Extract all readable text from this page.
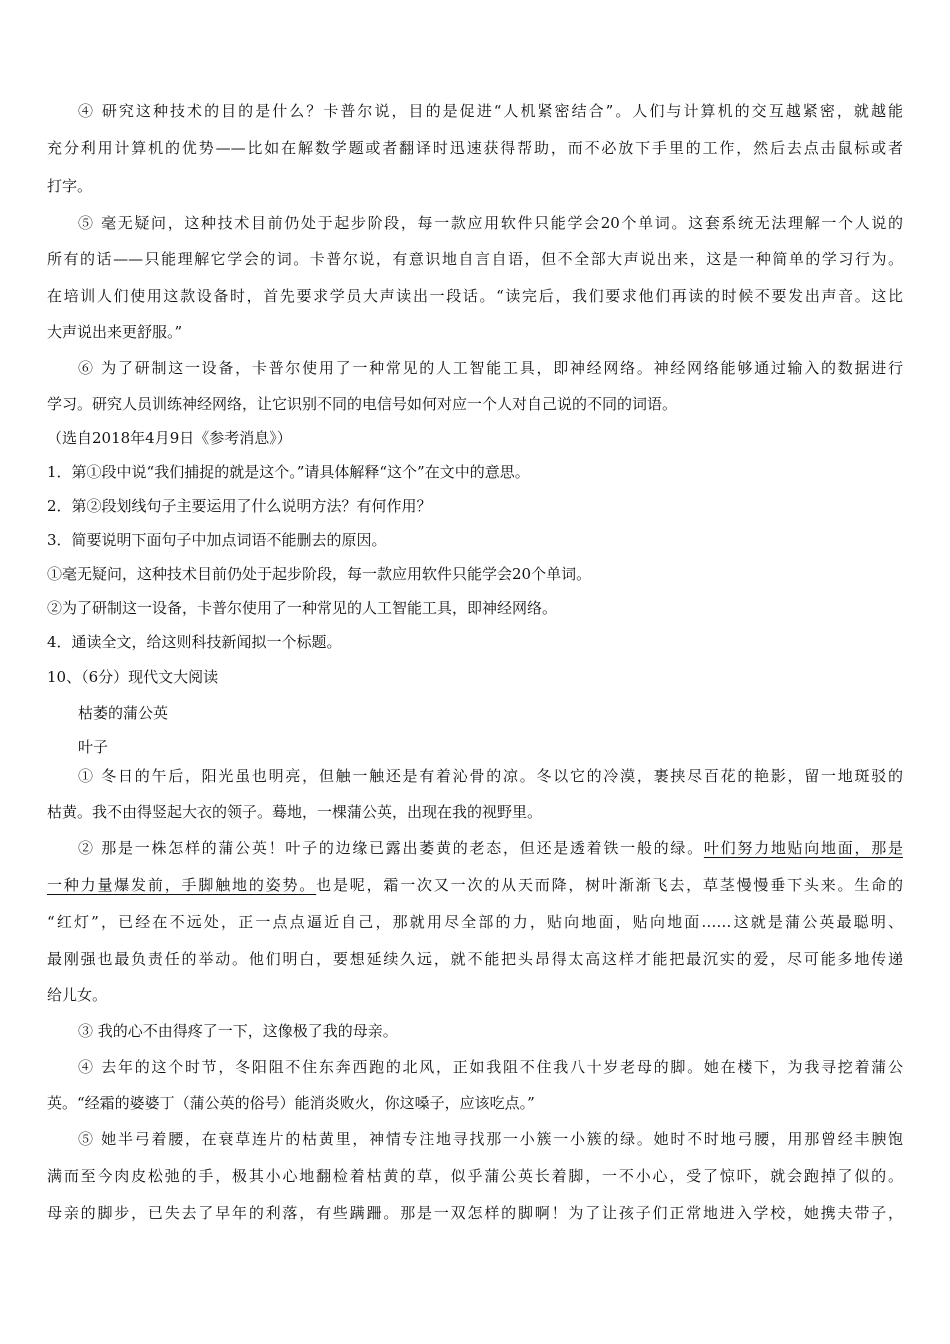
④ 研究这种技术的目的是什么？卡普尔说，目的是促进“人机紧密结合”。人们与计算机的交互越紧密，就越能
充分利用计算机的优势——比如在解数学题或者翻译时迅速获得帮助，而不必放下手里的工作，然后去点击鼠标或者
打字。
⑤ 毫无疑问，这种技术目前仍处于起步阶段，每一款应用软件只能学会20个单词。这套系统无法理解一个人说的
所有的话——只能理解它学会的词。卡普尔说，有意识地自言自语，但不全部大声说出来，这是一种简单的学习行为。
在培训人们使用这款设备时，首先要求学员大声读出一段话。“读完后，我们要求他们再读的时候不要发出声音。这比
大声说出来更舒服。”
⑥ 为了研制这一设备，卡普尔使用了一种常见的人工智能工具，即神经网络。神经网络能够通过输入的数据进行
学习。研究人员训练神经网络，让它识别不同的电信号如何对应一个人对自己说的不同的词语。
（选自2018年4月9日《参考消息》）
1．第①段中说“我们捕捉的就是这个。”请具体解释“这个”在文中的意思。
2．第②段划线句子主要运用了什么说明方法？有何作用？
3．简要说明下面句子中加点词语不能删去的原因。
①毫无疑问，这种技术目前仍处于起步阶段，每一款应用软件只能学会20个单词。
②为了研制这一设备，卡普尔使用了一种常见的人工智能工具，即神经网络。
4．通读全文，给这则科技新闻拟一个标题。
10、（6分）现代文大阅读
枯萎的蒲公英
叶子
① 冬日的午后，阳光虽也明亮，但触一触还是有着沁骨的凉。冬以它的冷漠，裹挟尽百花的艳影，留一地斑驳的
枯黄。我不由得竖起大衣的领子。蓦地，一棵蒲公英，出现在我的视野里。
② 那是一株怎样的蒲公英！叶子的边缘已露出萎黄的老态，但还是透着铁一般的绿。叶们努力地贴向地面，那是
一种力量爆发前，手脚触地的姿势。也是呢，霜一次又一次的从天而降，树叶渐渐飞去，草茎慢慢垂下头来。生命的
“红灯”，已经在不远处，正一点点逼近自己，那就用尽全部的力，贴向地面，贴向地面……这就是蒲公英最聪明、
最刚强也最负责任的举动。他们明白，要想延续久远，就不能把头昂得太高这样才能把最沉实的爱，尽可能多地传递
给儿女。
③ 我的心不由得疼了一下，这像极了我的母亲。
④ 去年的这个时节，冬阳阻不住东奔西跑的北风，正如我阻不住我八十岁老母的脚。她在楼下，为我寻挖着蒲公
英。“经霜的婆婆丁（蒲公英的俗号）能消炎败火，你这嗓子，应该吃点。”
⑤ 她半弓着腰，在衰草连片的枯黄里，神情专注地寻找那一小簇一小簇的绿。她时不时地弓腰，用那曾经丰腴饱
满而至今肉皮松弛的手，极其小心地翻检着枯黄的草，似乎蒲公英长着脚，一不小心，受了惊吓，就会跑掉了似的。
母亲的脚步，已失去了早年的利落，有些蹒跚。那是一双怎样的脚啊！为了让孩子们正常地进入学校，她携夫带子，
